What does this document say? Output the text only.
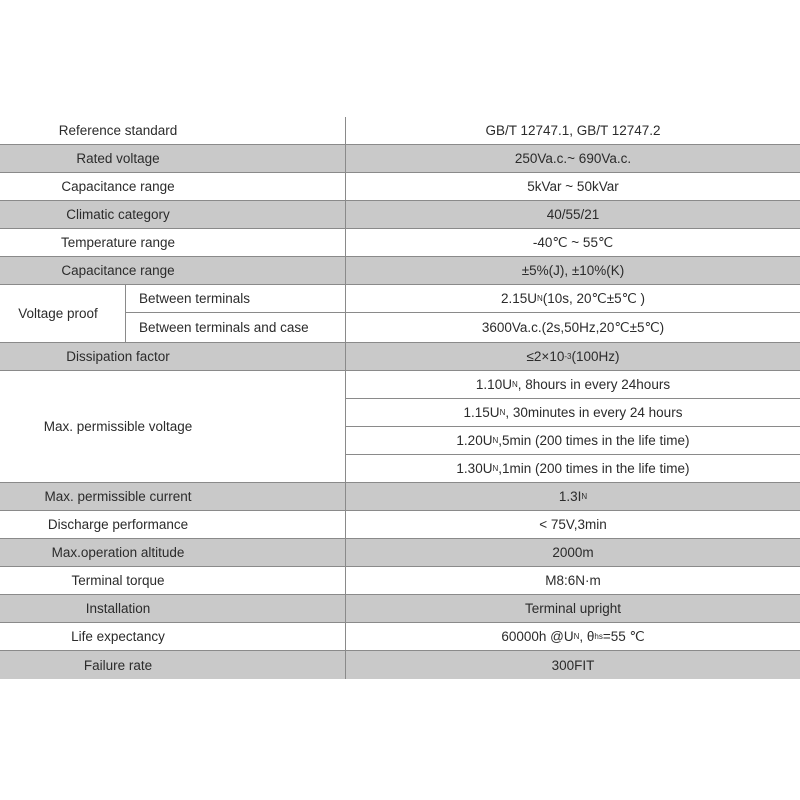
Reference standard	GB/T 12747.1, GB/T 12747.2
Rated voltage	250Va.c.~ 690Va.c.
Capacitance range	5kVar ~ 50kVar
Climatic category	40/55/21
Temperature range	-40℃ ~ 55℃
Capacitance range	±5%(J), ±10%(K)
Voltage proof
Between terminals	2.15U N (10s, 20℃±5℃ )
Between terminals and case	3600Va.c.(2s,50Hz,20℃±5℃)
Dissipation factor	≤2×10 -3 (100Hz)
Max. permissible voltage
1.10U N , 8hours in every 24hours
1.15U N , 30minutes in every 24 hours
1.20U N ,5min (200 times in the life time)
1.30U N ,1min (200 times in the life time)
Max. permissible current	1.3I N
Discharge performance	< 75V,3min
Max.operation altitude	2000m
Terminal torque	M8:6N·m
Installation	Terminal upright
Life expectancy	60000h @U N , θ hs =55 ℃
Failure rate	300FIT
